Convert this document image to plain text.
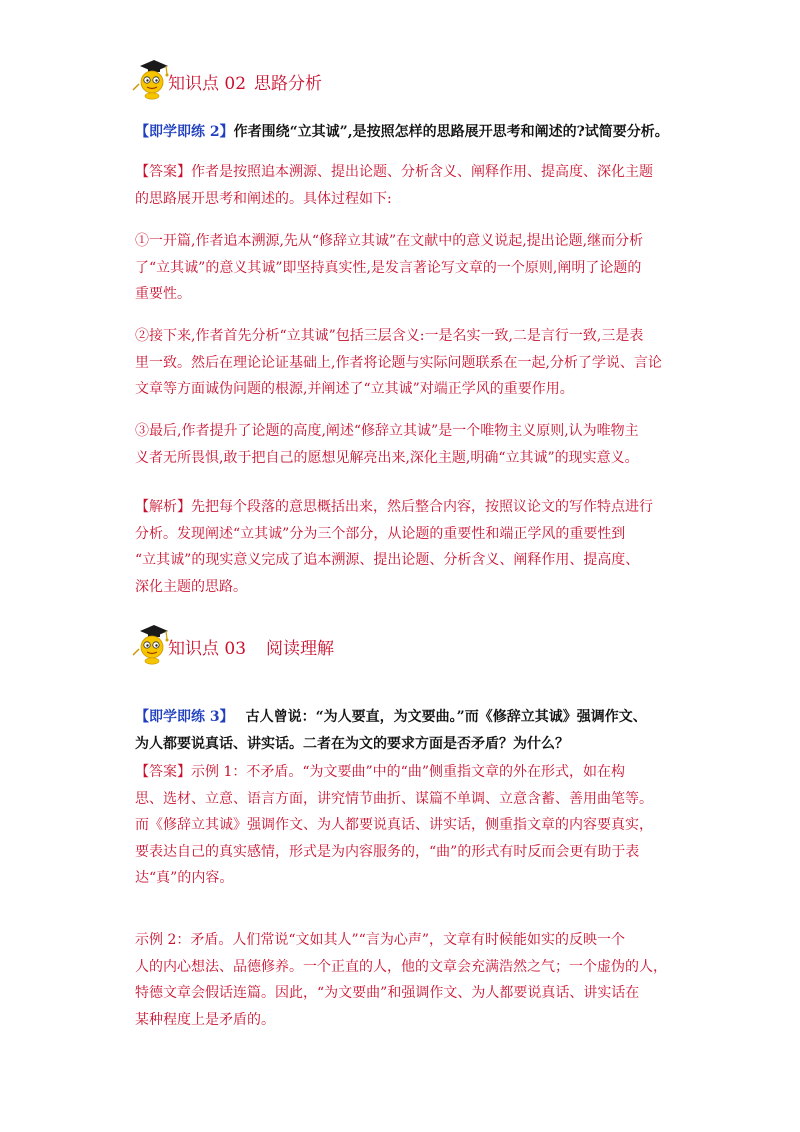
知识点 02 思路分析
【即学即练 2】作者围绕“立其诚”,是按照怎样的思路展开思考和阐述的?试简要分析。
【答案】作者是按照追本溯源、提出论题、分析含义、阐释作用、提高度、深化主题
的思路展开思考和阐述的。具体过程如下:
①一开篇,作者追本溯源,先从“修辞立其诚”在文献中的意义说起,提出论题,继而分析
了“立其诚”的意义其诚”即坚持真实性,是发言著论写文章的一个原则,阐明了论题的
重要性。
②接下来,作者首先分析“立其诚”包括三层含义:一是名实一致,二是言行一致,三是表
里一致。然后在理论论证基础上,作者将论题与实际问题联系在一起,分析了学说、言论
文章等方面诚伪问题的根源,并阐述了“立其诚”对端正学风的重要作用。
③最后,作者提升了论题的高度,阐述“修辞立其诚”是一个唯物主义原则,认为唯物主
义者无所畏惧,敢于把自己的愿想见解亮出来,深化主题,明确“立其诚”的现实意义。
【解析】先把每个段落的意思概括出来，然后整合内容，按照议论文的写作特点进行
分析。发现阐述“立其诚”分为三个部分，从论题的重要性和端正学风的重要性到
“立其诚”的现实意义完成了追本溯源、提出论题、分析含义、阐释作用、提高度、
深化主题的思路。
知识点 03 阅读理解
【即学即练 3】 古人曾说：“为人要直，为文要曲。”而《修辞立其诚》强调作文、
为人都要说真话、讲实话。二者在为文的要求方面是否矛盾？为什么？
【答案】示例 1：不矛盾。“为文要曲”中的“曲”侧重指文章的外在形式，如在构
思、选材、立意、语言方面，讲究情节曲折、谋篇不单调、立意含蓄、善用曲笔等。
而《修辞立其诚》强调作文、为人都要说真话、讲实话，侧重指文章的内容要真实，
要表达自己的真实感情，形式是为内容服务的，“曲”的形式有时反而会更有助于表
达“真”的内容。
示例 2：矛盾。人们常说“文如其人”“言为心声”，文章有时候能如实的反映一个
人的内心想法、品德修养。一个正直的人，他的文章会充满浩然之气；一个虚伪的人，
特德文章会假话连篇。因此，“为文要曲”和强调作文、为人都要说真话、讲实话在
某种程度上是矛盾的。
